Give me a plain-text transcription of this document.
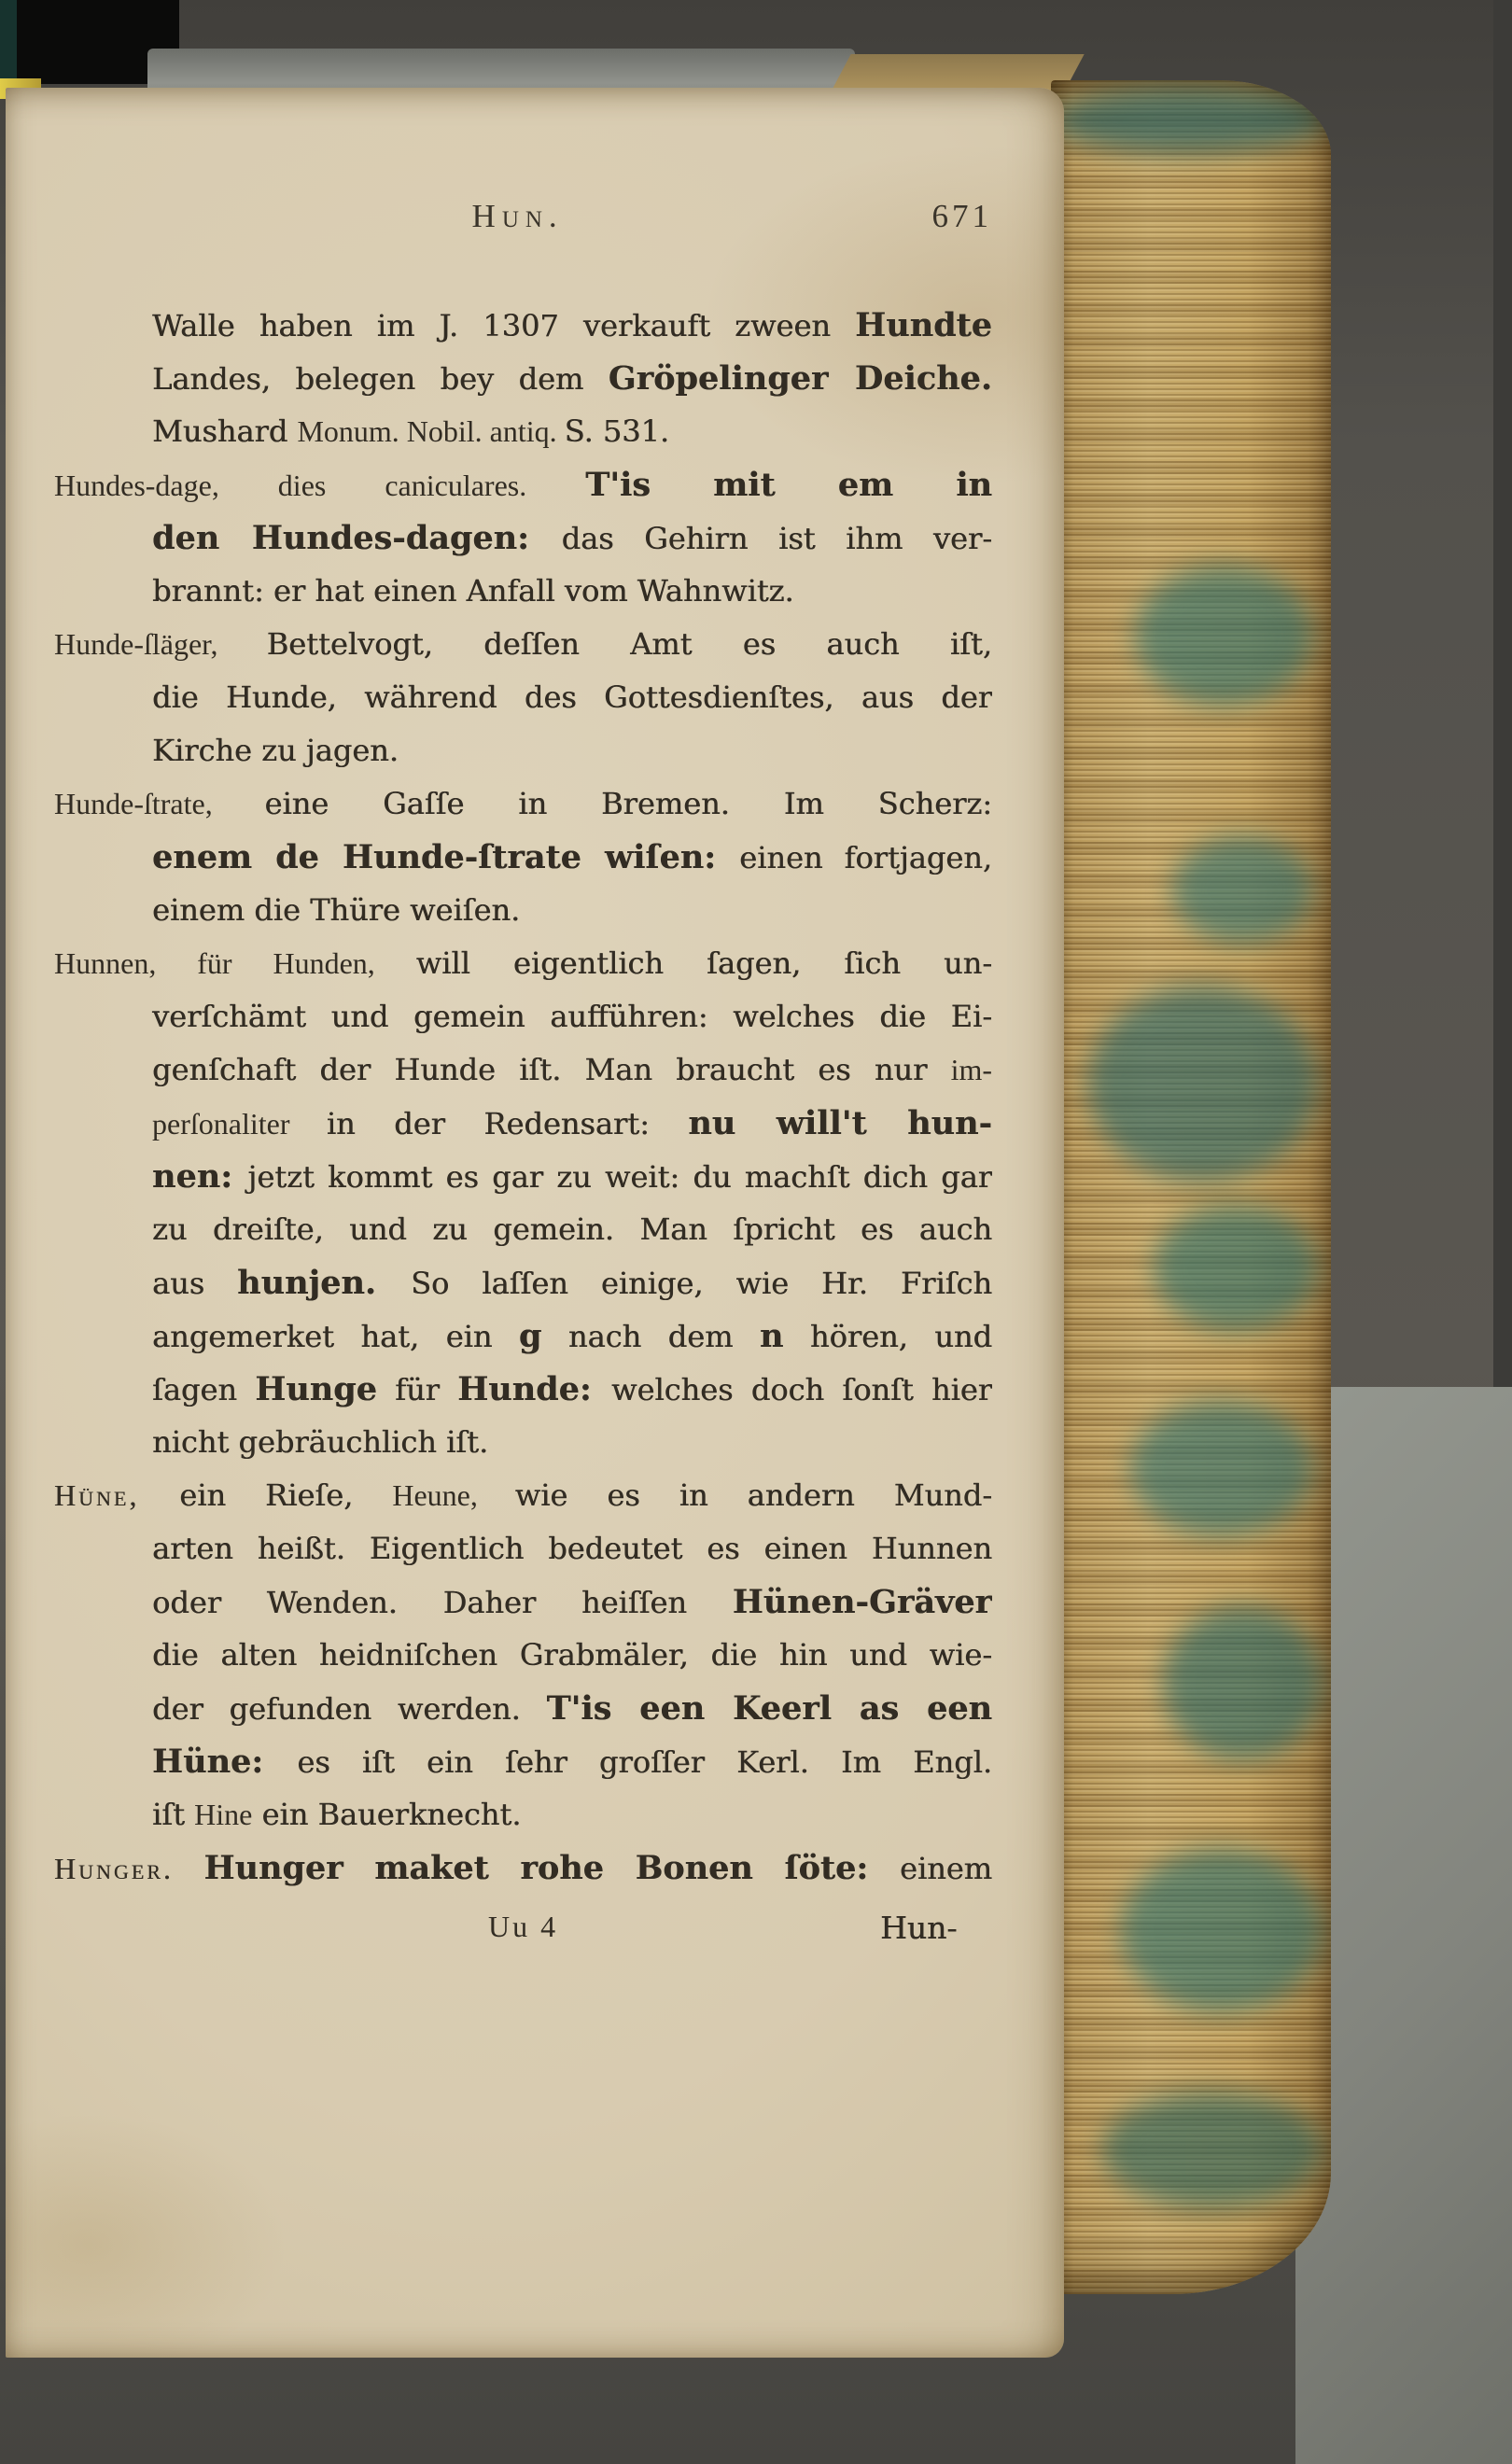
Hun.	671
Walle haben im J. 1307 verkauft zween Hundte
Landes, belegen bey dem Gröpelinger Deiche.
Mushard Monum. Nobil. antiq. S. 531.
Hundes-dage, dies caniculares. T'is mit em in
den Hundes-dagen: das Gehirn ist ihm ver-
brannt: er hat einen Anfall vom Wahnwitz.
Hunde-ſläger, Bettelvogt, deſſen Amt es auch iſt,
die Hunde, während des Gottesdienſtes, aus der
Kirche zu jagen.
Hunde-ſtrate, eine Gaſſe in Bremen. Im Scherz:
enem de Hunde-ſtrate wiſen: einen fortjagen,
einem die Thüre weiſen.
Hunnen, für Hunden, will eigentlich ſagen, ſich un-
verſchämt und gemein aufführen: welches die Ei-
genſchaft der Hunde iſt. Man braucht es nur im-
perſonaliter in der Redensart: nu will't hun-
nen: jetzt kommt es gar zu weit: du machſt dich gar
zu dreiſte, und zu gemein. Man ſpricht es auch
aus hunjen. So laſſen einige, wie Hr. Friſch
angemerket hat, ein g nach dem n hören, und
ſagen Hunge für Hunde: welches doch ſonſt hier
nicht gebräuchlich iſt.
Hüne, ein Rieſe, Heune, wie es in andern Mund-
arten heißt. Eigentlich bedeutet es einen Hunnen
oder Wenden. Daher heiſſen Hünen-Gräver
die alten heidniſchen Grabmäler, die hin und wie-
der gefunden werden. T'is een Keerl as een
Hüne: es iſt ein ſehr groſſer Kerl. Im Engl.
iſt Hine ein Bauerknecht.
Hunger. Hunger maket rohe Bonen ſöte: einem
Uu 4	Hun-
